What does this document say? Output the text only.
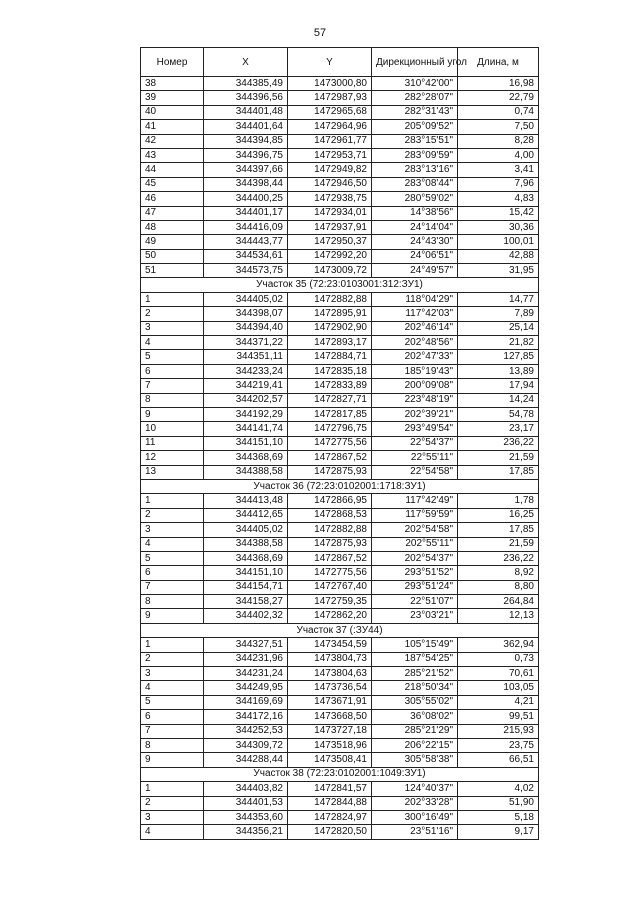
57
Номер	X	Y	Дирекционный угол	Длина, м
38	344385,49	1473000,80	310°42'00"	16,98
39	344396,56	1472987,93	282°28'07"	22,79
40	344401,48	1472965,68	282°31'43"	0,74
41	344401,64	1472964,96	205°09'52"	7,50
42	344394,85	1472961,77	283°15'51"	8,28
43	344396,75	1472953,71	283°09'59"	4,00
44	344397,66	1472949,82	283°13'16"	3,41
45	344398,44	1472946,50	283°08'44"	7,96
46	344400,25	1472938,75	280°59'02"	4,83
47	344401,17	1472934,01	14°38'56"	15,42
48	344416,09	1472937,91	24°14'04"	30,36
49	344443,77	1472950,37	24°43'30"	100,01
50	344534,61	1472992,20	24°06'51"	42,88
51	344573,75	1473009,72	24°49'57"	31,95
Участок 35 (72:23:0103001:312:ЗУ1)				
1	344405,02	1472882,88	118°04'29"	14,77
2	344398,07	1472895,91	117°42'03"	7,89
3	344394,40	1472902,90	202°46'14"	25,14
4	344371,22	1472893,17	202°48'56"	21,82
5	344351,11	1472884,71	202°47'33"	127,85
6	344233,24	1472835,18	185°19'43"	13,89
7	344219,41	1472833,89	200°09'08"	17,94
8	344202,57	1472827,71	223°48'19"	14,24
9	344192,29	1472817,85	202°39'21"	54,78
10	344141,74	1472796,75	293°49'54"	23,17
11	344151,10	1472775,56	22°54'37"	236,22
12	344368,69	1472867,52	22°55'11"	21,59
13	344388,58	1472875,93	22°54'58"	17,85
Участок 36 (72:23:0102001:1718:ЗУ1)				
1	344413,48	1472866,95	117°42'49"	1,78
2	344412,65	1472868,53	117°59'59"	16,25
3	344405,02	1472882,88	202°54'58"	17,85
4	344388,58	1472875,93	202°55'11"	21,59
5	344368,69	1472867,52	202°54'37"	236,22
6	344151,10	1472775,56	293°51'52"	8,92
7	344154,71	1472767,40	293°51'24"	8,80
8	344158,27	1472759,35	22°51'07"	264,84
9	344402,32	1472862,20	23°03'21"	12,13
Участок 37 (:ЗУ44)				
1	344327,51	1473454,59	105°15'49"	362,94
2	344231,96	1473804,73	187°54'25"	0,73
3	344231,24	1473804,63	285°21'52"	70,61
4	344249,95	1473736,54	218°50'34"	103,05
5	344169,69	1473671,91	305°55'02"	4,21
6	344172,16	1473668,50	36°08'02"	99,51
7	344252,53	1473727,18	285°21'29"	215,93
8	344309,72	1473518,96	206°22'15"	23,75
9	344288,44	1473508,41	305°58'38"	66,51
Участок 38 (72:23:0102001:1049:ЗУ1)				
1	344403,82	1472841,57	124°40'37"	4,02
2	344401,53	1472844,88	202°33'28"	51,90
3	344353,60	1472824,97	300°16'49"	5,18
4	344356,21	1472820,50	23°51'16"	9,17
